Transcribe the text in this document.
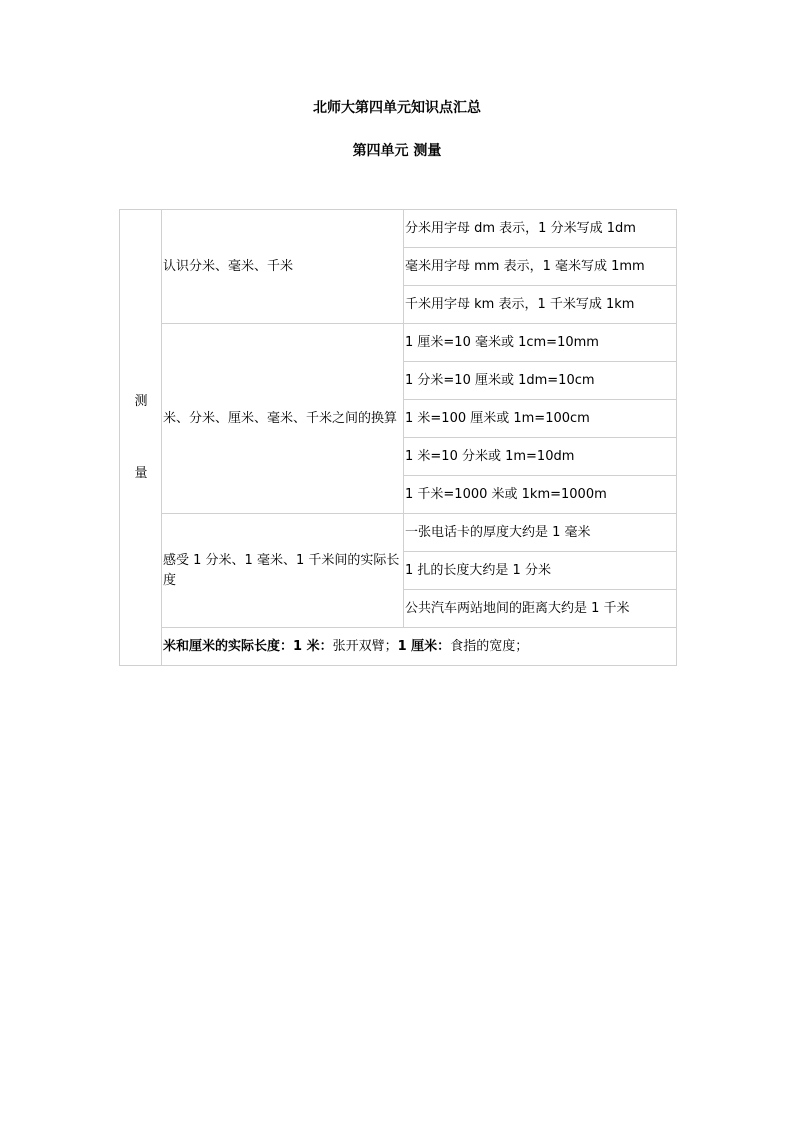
北师大第四单元知识点汇总
第四单元 测量
测
量	认识分米、毫米、千米	分米用字母 dm 表示，1 分米写成 1dm
		毫米用字母 mm 表示，1 毫米写成 1mm
		千米用字母 km 表示，1 千米写成 1km
	米、分米、厘米、毫米、千米之间的换算	1 厘米=10 毫米或 1cm=10mm
		1 分米=10 厘米或 1dm=10cm
		1 米=100 厘米或 1m=100cm
		1 米=10 分米或 1m=10dm
		1 千米=1000 米或 1km=1000m
	感受 1 分米、1 毫米、1 千米间的实际长度	一张电话卡的厚度大约是 1 毫米
		1 扎的长度大约是 1 分米
		公共汽车两站地间的距离大约是 1 千米
	米和厘米的实际长度：1 米：张开双臂；1 厘米：食指的宽度；	
